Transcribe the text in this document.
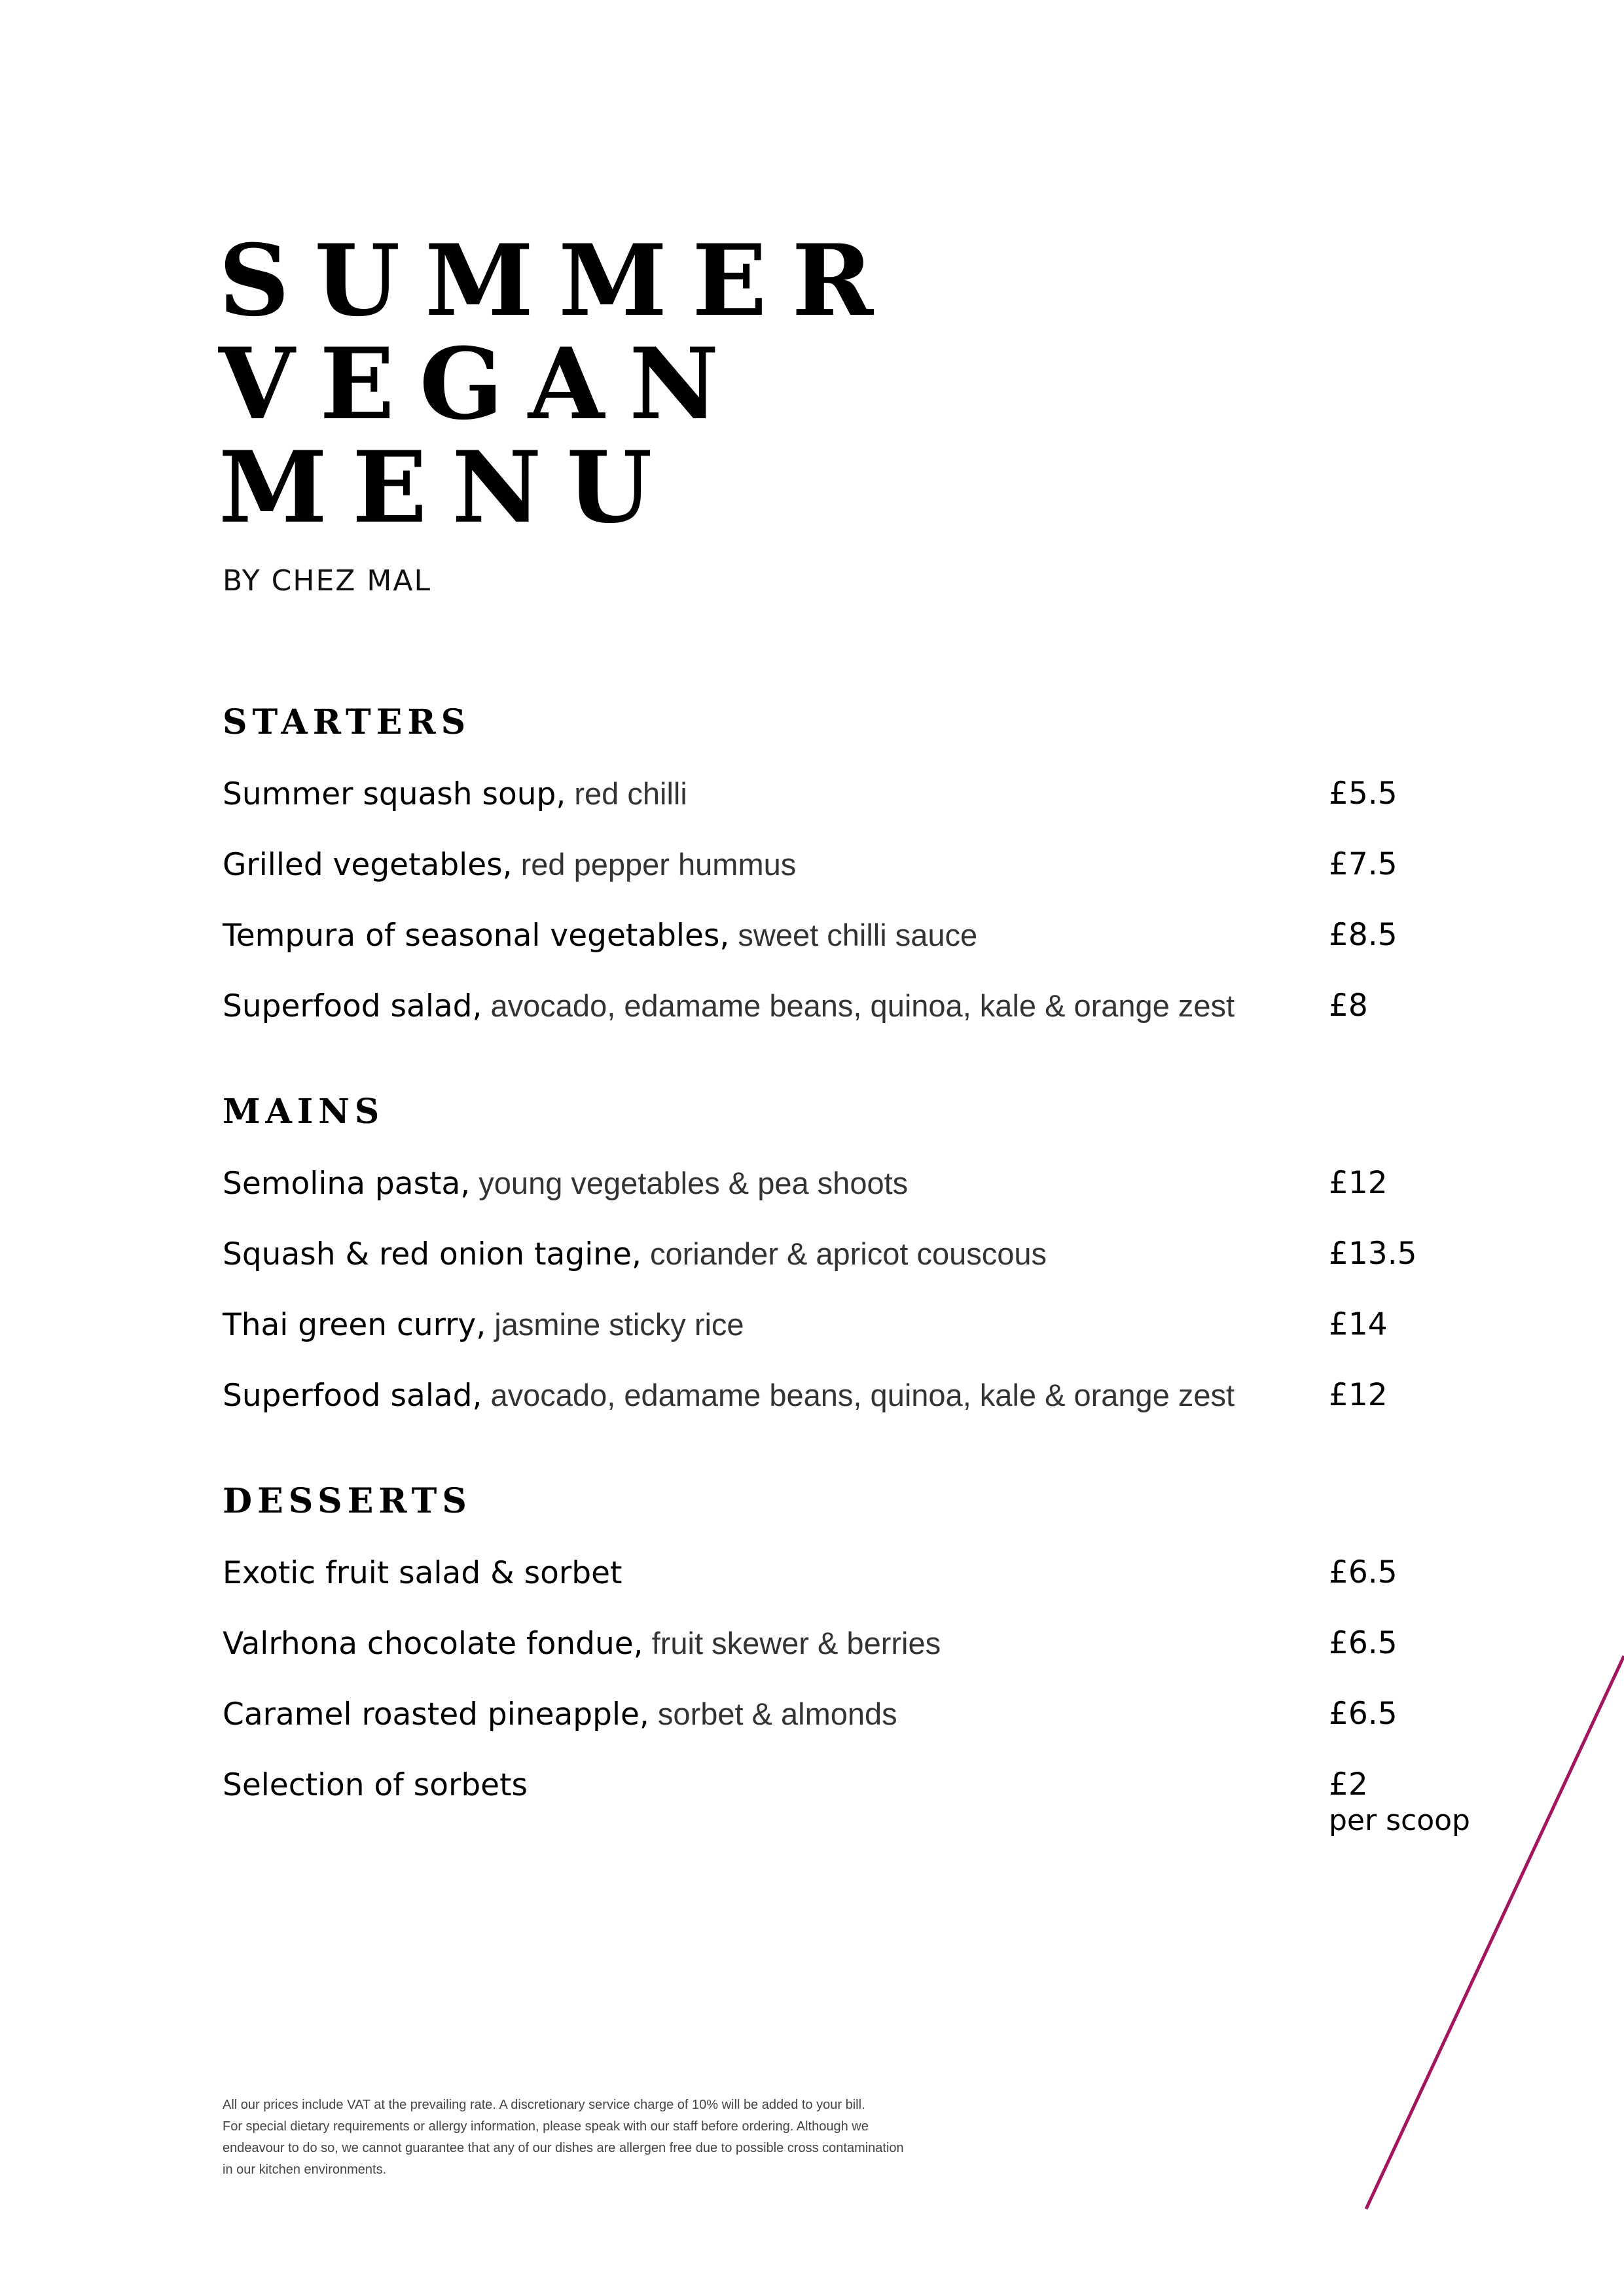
SUMMER
VEGAN
MENU
BY CHEZ MAL
STARTERS
Summer squash soup, red chilli	£5.5
Grilled vegetables, red pepper hummus	£7.5
Tempura of seasonal vegetables, sweet chilli sauce	£8.5
Superfood salad, avocado, edamame beans, quinoa, kale & orange zest	£8
MAINS
Semolina pasta, young vegetables & pea shoots	£12
Squash & red onion tagine, coriander & apricot couscous	£13.5
Thai green curry, jasmine sticky rice	£14
Superfood salad, avocado, edamame beans, quinoa, kale & orange zest	£12
DESSERTS
Exotic fruit salad & sorbet	£6.5
Valrhona chocolate fondue, fruit skewer & berries	£6.5
Caramel roasted pineapple, sorbet & almonds	£6.5
Selection of sorbets	£2
per scoop
All our prices include VAT at the prevailing rate. A discretionary service charge of 10% will be added to your bill.
For special dietary requirements or allergy information, please speak with our staff before ordering. Although we
endeavour to do so, we cannot guarantee that any of our dishes are allergen free due to possible cross contamination
in our kitchen environments.
